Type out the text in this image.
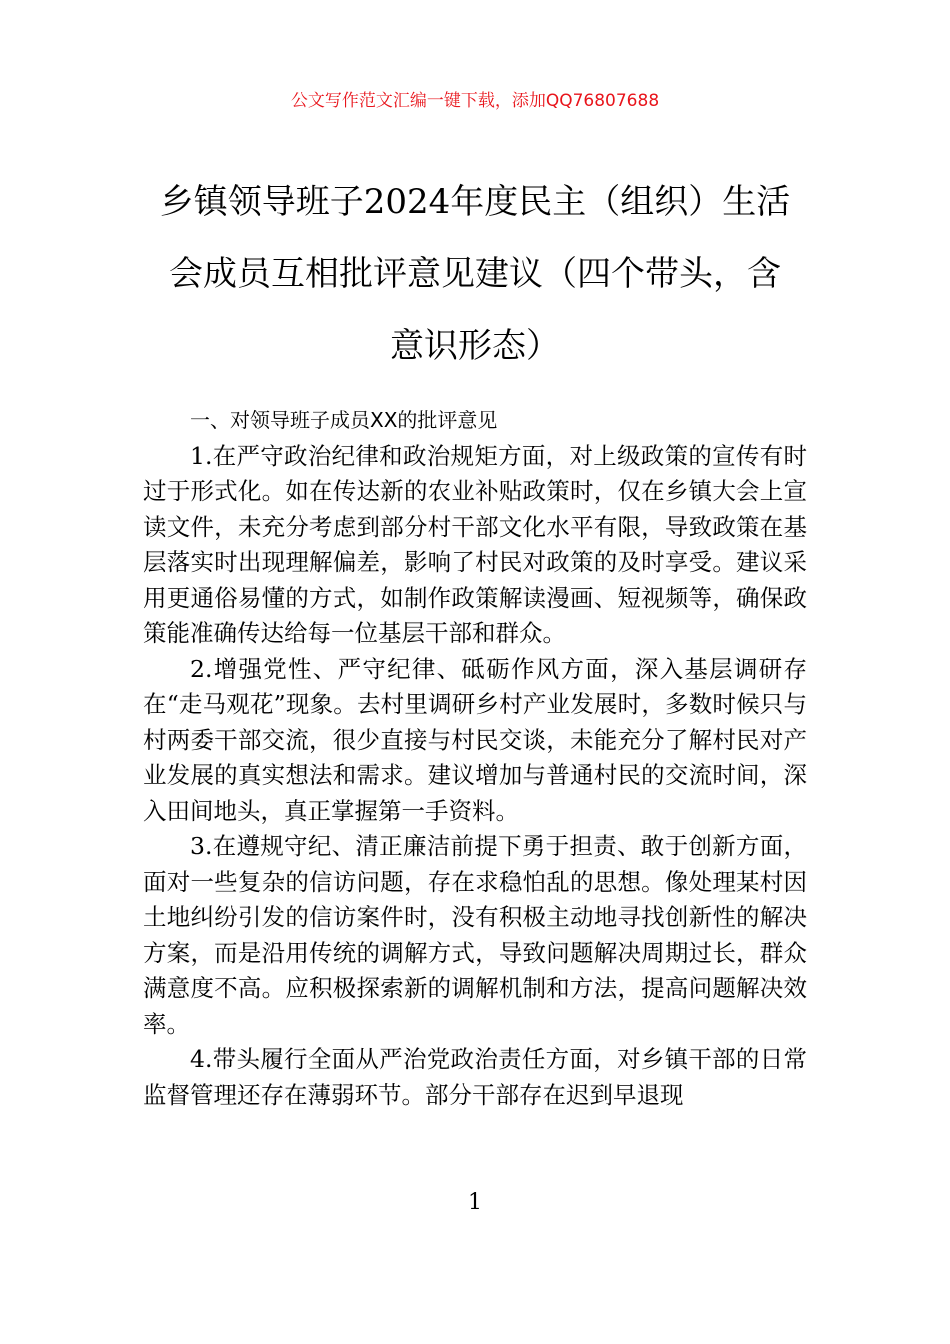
公文写作范文汇编一键下载，添加QQ76807688
乡镇领导班子2024年度民主（组织）生活
会成员互相批评意见建议（四个带头，含
意识形态）

一、对领导班子成员XX的批评意见

1.在严守政治纪律和政治规矩方面，对上级政策的宣传有时过于形式化。如在传达新的农业补贴政策时，仅在乡镇大会上宣读文件，未充分考虑到部分村干部文化水平有限，导致政策在基层落实时出现理解偏差，影响了村民对政策的及时享受。建议采用更通俗易懂的方式，如制作政策解读漫画、短视频等，确保政策能准确传达给每一位基层干部和群众。

2.增强党性、严守纪律、砥砺作风方面，深入基层调研存在“走马观花”现象。去村里调研乡村产业发展时，多数时候只与村两委干部交流，很少直接与村民交谈，未能充分了解村民对产业发展的真实想法和需求。建议增加与普通村民的交流时间，深入田间地头，真正掌握第一手资料。

3.在遵规守纪、清正廉洁前提下勇于担责、敢于创新方面，面对一些复杂的信访问题，存在求稳怕乱的思想。像处理某村因土地纠纷引发的信访案件时，没有积极主动地寻找创新性的解决方案，而是沿用传统的调解方式，导致问题解决周期过长，群众满意度不高。应积极探索新的调解机制和方法，提高问题解决效率。

4.带头履行全面从严治党政治责任方面，对乡镇干部的日常监督管理还存在薄弱环节。部分干部存在迟到早退现

1
